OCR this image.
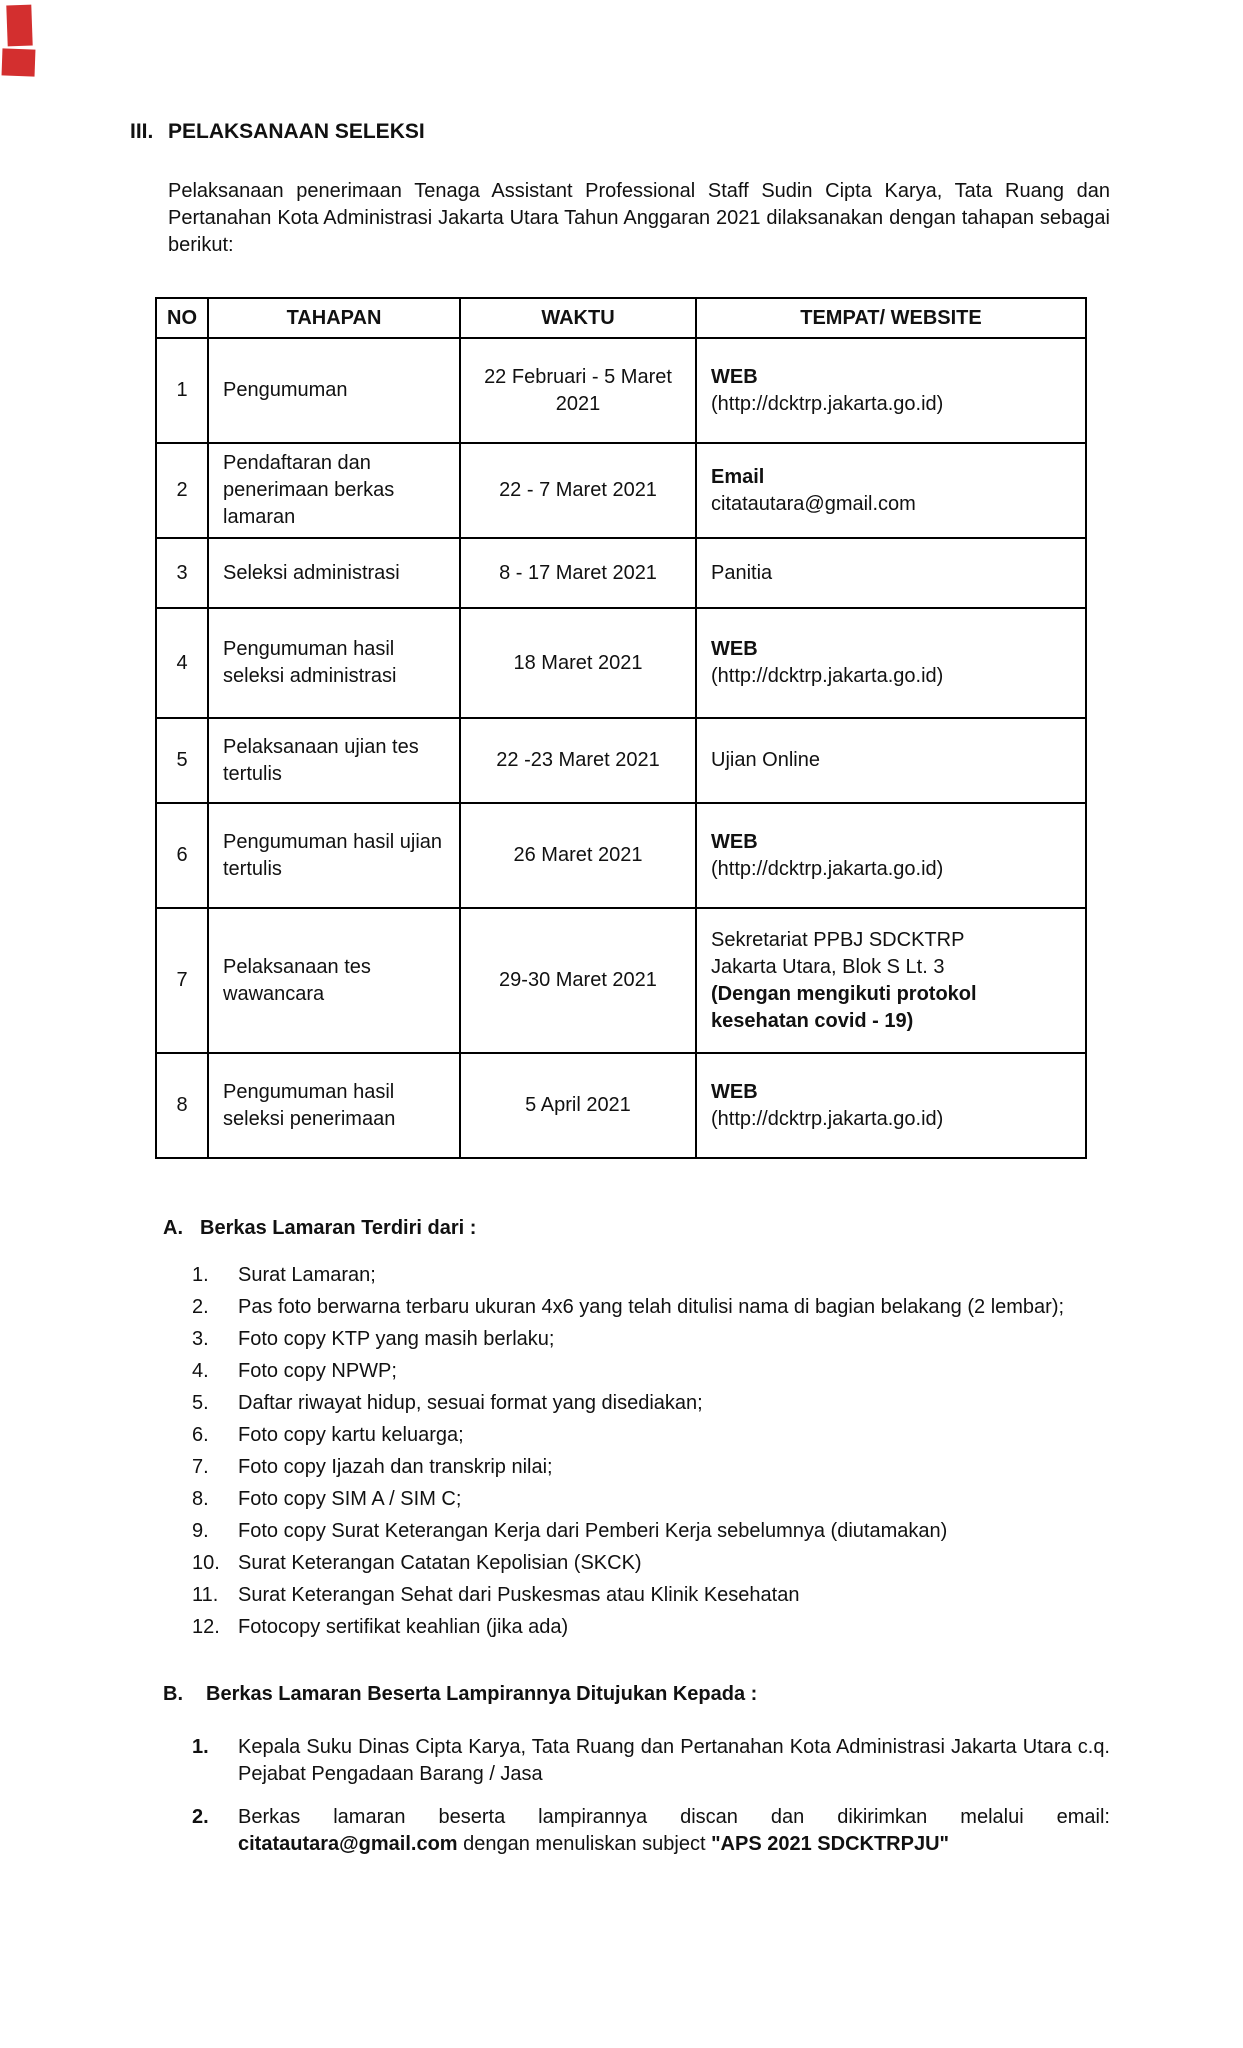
III. PELAKSANAAN SELEKSI

Pelaksanaan penerimaan Tenaga Assistant Professional Staff Sudin Cipta Karya, Tata Ruang dan Pertanahan Kota Administrasi Jakarta Utara Tahun Anggaran 2021 dilaksanakan dengan tahapan sebagai berikut:

NO	TAHAPAN	WAKTU	TEMPAT/ WEBSITE
1	Pengumuman	22 Februari - 5 Maret 2021	WEB
(http://dcktrp.jakarta.go.id)

2	Pendaftaran dan penerimaan berkas lamaran	22 - 7 Maret 2021	Email
citatautara@gmail.com

3	Seleksi administrasi	8 - 17 Maret 2021	Panitia

4	Pengumuman hasil seleksi administrasi	18 Maret 2021	WEB
(http://dcktrp.jakarta.go.id)

5	Pelaksanaan ujian tes tertulis	22 -23 Maret 2021	Ujian Online

6	Pengumuman hasil ujian tertulis	26 Maret 2021	WEB
(http://dcktrp.jakarta.go.id)

7	Pelaksanaan tes wawancara	29-30 Maret 2021	Sekretariat PPBJ SDCKTRP
Jakarta Utara, Blok S Lt. 3
(Dengan mengikuti protokol kesehatan covid - 19)

8	Pengumuman hasil seleksi penerimaan	5 April 2021	WEB
(http://dcktrp.jakarta.go.id)
A. Berkas Lamaran Terdiri dari :
1.	Surat Lamaran;
2.	Pas foto berwarna terbaru ukuran 4x6 yang telah ditulisi nama di bagian belakang (2 lembar);
3.	Foto copy KTP yang masih berlaku;
4.	Foto copy NPWP;
5.	Daftar riwayat hidup, sesuai format yang disediakan;
6.	Foto copy kartu keluarga;
7.	Foto copy Ijazah dan transkrip nilai;
8.	Foto copy SIM A / SIM C;
9.	Foto copy Surat Keterangan Kerja dari Pemberi Kerja sebelumnya (diutamakan)
10. Surat Keterangan Catatan Kepolisian (SKCK)
11. Surat Keterangan Sehat dari Puskesmas atau Klinik Kesehatan
12. Fotocopy sertifikat keahlian (jika ada)
B.	Berkas Lamaran Beserta Lampirannya Ditujukan Kepada :
1.	Kepala Suku Dinas Cipta Karya, Tata Ruang dan Pertanahan Kota Administrasi Jakarta Utara c.q. Pejabat Pengadaan Barang / Jasa
2.	Berkas lamaran beserta lampirannya discan dan dikirimkan melalui email: citatautara@gmail.com dengan menuliskan subject "APS 2021 SDCKTRPJU"
